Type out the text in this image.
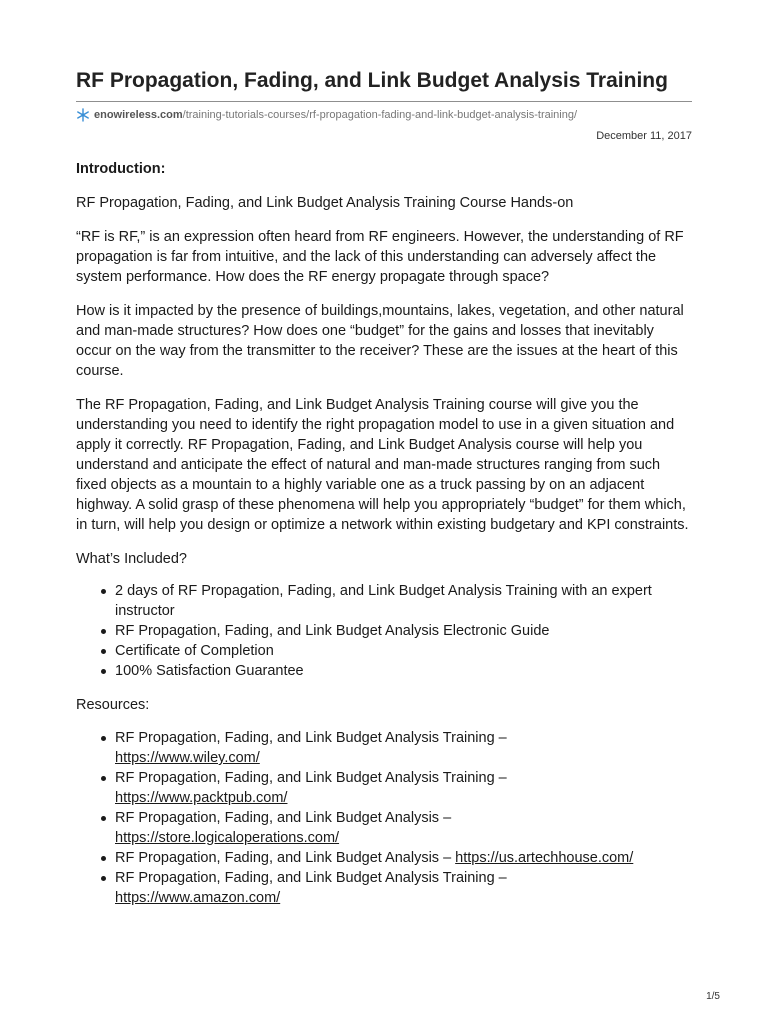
RF Propagation, Fading, and Link Budget Analysis Training
enowireless.com /training-tutorials-courses/rf-propagation-fading-and-link-budget-analysis-training/
December 11, 2017
Introduction:

RF Propagation, Fading, and Link Budget Analysis Training Course Hands-on

“RF is RF,” is an expression often heard from RF engineers. However, the understanding of RF propagation is far from intuitive, and the lack of this understanding can adversely affect the system performance. How does the RF energy propagate through space?

How is it impacted by the presence of buildings,mountains, lakes, vegetation, and other natural and man-made structures? How does one “budget” for the gains and losses that inevitably occur on the way from the transmitter to the receiver? These are the issues at the heart of this course.

The RF Propagation, Fading, and Link Budget Analysis Training course will give you the understanding you need to identify the right propagation model to use in a given situation and apply it correctly. RF Propagation, Fading, and Link Budget Analysis course will help you understand and anticipate the effect of natural and man-made structures ranging from such fixed objects as a mountain to a highly variable one as a truck passing by on an adjacent highway. A solid grasp of these phenomena will help you appropriately “budget” for them which, in turn, will help you design or optimize a network within existing budgetary and KPI constraints.

What’s Included?

2 days of RF Propagation, Fading, and Link Budget Analysis Training with an expert instructor
RF Propagation, Fading, and Link Budget Analysis Electronic Guide
Certificate of Completion
100% Satisfaction Guarantee

Resources:

RF Propagation, Fading, and Link Budget Analysis Training –
https://www.wiley.com/
RF Propagation, Fading, and Link Budget Analysis Training –
https://www.packtpub.com/
RF Propagation, Fading, and Link Budget Analysis –
https://store.logicaloperations.com/
RF Propagation, Fading, and Link Budget Analysis – https://us.artechhouse.com/
RF Propagation, Fading, and Link Budget Analysis Training –
https://www.amazon.com/
1/5
